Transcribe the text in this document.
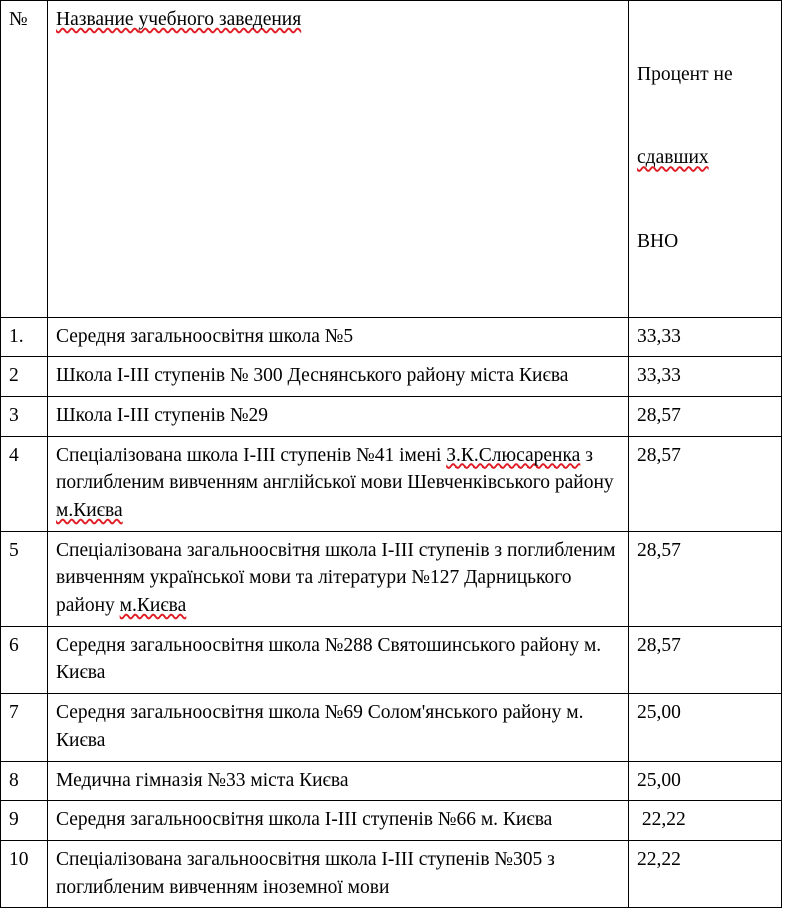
№	Название учебного заведения	Процент не

сдавших

ВНО

1.	Середня загальноосвітня школа №5	33,33
2	Школа I-III ступенів № 300 Деснянського району міста Києва	33,33
3	Школа I-III ступенів №29	28,57
4	Спеціалізована школа I-III ступенів №41 імені З.К.Слюсаренка з поглибленим вивченням англійської мови Шевченківського району м.Києва	28,57
5	Спеціалізована загальноосвітня школа I-III ступенів з поглибленим вивченням української мови та літератури №127 Дарницького району м.Києва	28,57
6	Середня загальноосвітня школа №288 Святошинського району м. Києва	28,57
7	Середня загальноосвітня школа №69 Солом'янського району м. Києва	25,00
8	Медична гімназія №33 міста Києва	25,00
9	Середня загальноосвітня школа I-III ступенів №66 м. Києва	22,22
10	Спеціалізована загальноосвітня школа I-III ступенів №305 з поглибленим вивченням іноземної мови	22,22
